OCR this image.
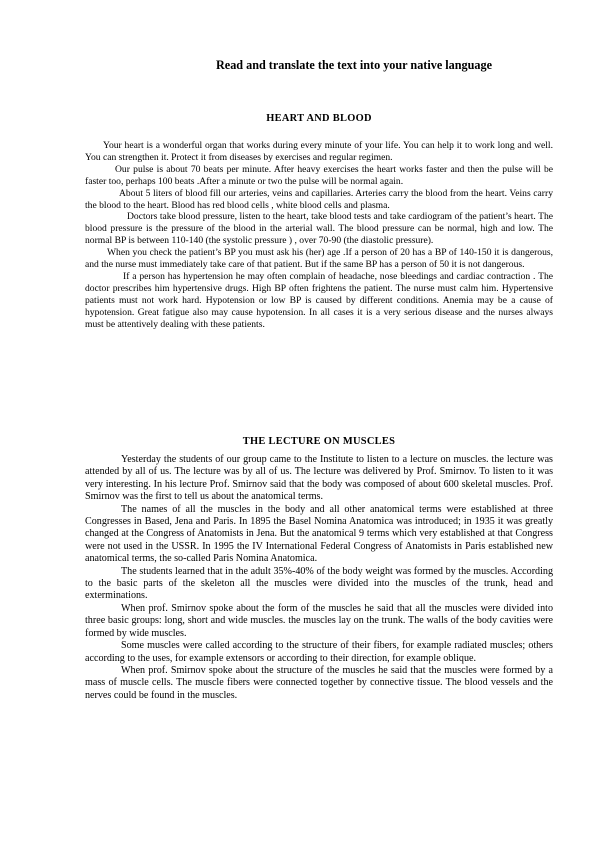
Read and translate the text into your native language
HEART AND BLOOD

Your heart is a wonderful organ that works during every minute of your life. You can help it to work long and well. You can strengthen it. Protect it from diseases by exercises and regular regimen.

Our pulse is about 70 beats per minute. After heavy exercises the heart works faster and then the pulse will be faster too, perhaps 100 beats .After a minute or two the pulse will be normal again.

About 5 liters of blood fill our arteries, veins and capillaries. Arteries carry the blood from the heart. Veins carry the blood to the heart. Blood has red blood cells , white blood cells and plasma.

Doctors take blood pressure, listen to the heart, take blood tests and take cardiogram of the patient’s heart. The blood pressure is the pressure of the blood in the arterial wall. The blood pressure can be normal, high and low. The normal BP is between 110-140 (the systolic pressure ) , over 70-90 (the diastolic pressure).

When you check the patient’s BP you must ask his (her) age .If a person of 20 has a BP of 140-150 it is dangerous, and the nurse must immediately take care of that patient. But if the same BP has a person of 50 it is not dangerous.

If a person has hypertension he may often complain of headache, nose bleedings and cardiac contraction . The doctor prescribes him hypertensive drugs. High BP often frightens the patient. The nurse must calm him. Hypertensive patients must not work hard. Hypotension or low BP is caused by different conditions. Anemia may be a cause of hypotension. Great fatigue also may cause hypotension. In all cases it is a very serious disease and the nurses always must be attentively dealing with these patients.

THE LECTURE ON MUSCLES

Yesterday the students of our group came to the Institute to listen to a lecture on muscles. the lecture was attended by all of us. The lecture was by all of us. The lecture was delivered by Prof. Smirnov. To listen to it was very interesting. In his lecture Prof. Smirnov said that the body was composed of about 600 skeletal muscles. Prof. Smirnov was the first to tell us about the anatomical terms.

The names of all the muscles in the body and all other anatomical terms were established at three Congresses in Based, Jena and Paris. In 1895 the Basel Nomina Anatomica was introduced; in 1935 it was greatly changed at the Congress of Anatomists in Jena. But the anatomical 9 terms which very established at that Congress were not used in the USSR. In 1995 the IV International Federal Congress of Anatomists in Paris established new anatomical terms, the so-called Paris Nomina Anatomica.

The students learned that in the adult 35%-40% of the body weight was formed by the muscles. According to the basic parts of the skeleton all the muscles were divided into the muscles of the trunk, head and exterminations.

When prof. Smirnov spoke about the form of the muscles he said that all the muscles were divided into three basic groups: long, short and wide muscles. the muscles lay on the trunk. The walls of the body cavities were formed by wide muscles.

Some muscles were called according to the structure of their fibers, for example radiated muscles; others according to the uses, for example extensors or according to their direction, for example oblique.

When prof. Smirnov spoke about the structure of the muscles he said that the muscles were formed by a mass of muscle cells. The muscle fibers were connected together by connective tissue. The blood vessels and the nerves could be found in the muscles.
